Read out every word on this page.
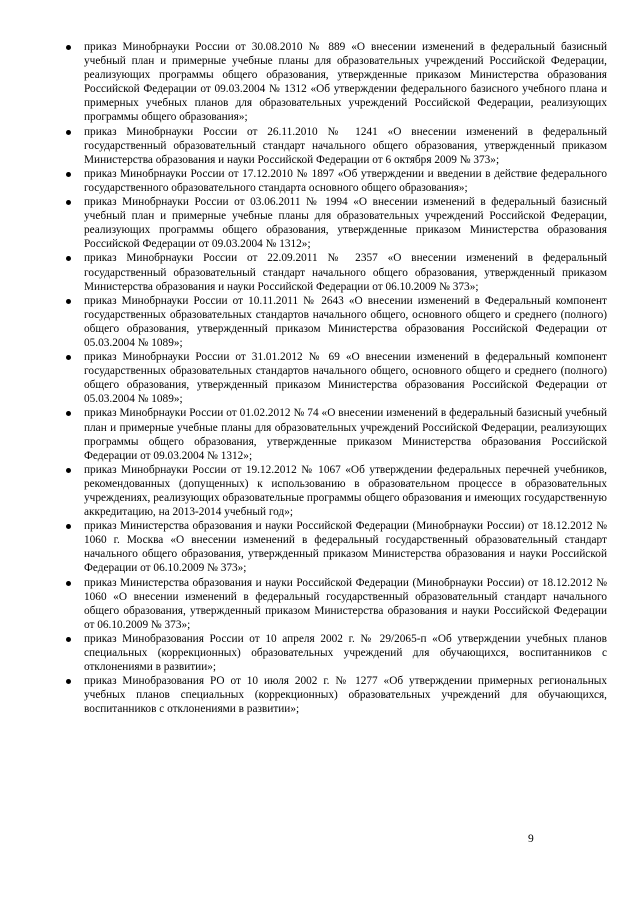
приказ Минобрнауки России от 30.08.2010 № 889 «О внесении изменений в федеральный базисный учебный план и примерные учебные планы для образовательных учреждений Российской Федерации, реализующих программы общего образования, утвержденные приказом Министерства образования Российской Федерации от 09.03.2004 № 1312 «Об утверждении федерального базисного учебного плана и примерных учебных планов для образовательных учреждений Российской Федерации, реализующих программы общего образования»;
приказ Минобрнауки России от 26.11.2010 № 1241 «О внесении изменений в федеральный государственный образовательный стандарт начального общего образования, утвержденный приказом Министерства образования и науки Российской Федерации от 6 октября 2009 № 373»;
приказ Минобрнауки России от 17.12.2010 № 1897 «Об утверждении и введении в действие федерального государственного образовательного стандарта основного общего образования»;
приказ Минобрнауки России от 03.06.2011 № 1994 «О внесении изменений в федеральный базисный учебный план и примерные учебные планы для образовательных учреждений Российской Федерации, реализующих программы общего образования, утвержденные приказом Министерства образования Российской Федерации от 09.03.2004 № 1312»;
приказ Минобрнауки России от 22.09.2011 № 2357 «О внесении изменений в федеральный государственный образовательный стандарт начального общего образования, утвержденный приказом Министерства образования и науки Российской Федерации от 06.10.2009 № 373»;
приказ Минобрнауки России от 10.11.2011 № 2643 «О внесении изменений в Федеральный компонент государственных образовательных стандартов начального общего, основного общего и среднего (полного) общего образования, утвержденный приказом Министерства образования Российской Федерации от 05.03.2004 № 1089»;
приказ Минобрнауки России от 31.01.2012 № 69 «О внесении изменений в федеральный компонент государственных образовательных стандартов начального общего, основного общего и среднего (полного) общего образования, утвержденный приказом Министерства образования Российской Федерации от 05.03.2004 № 1089»;
приказ Минобрнауки России от 01.02.2012 № 74 «О внесении изменений в федеральный базисный учебный план и примерные учебные планы для образовательных учреждений Российской Федерации, реализующих программы общего образования, утвержденные приказом Министерства образования Российской Федерации от 09.03.2004 № 1312»;
приказ Минобрнауки России от 19.12.2012 № 1067 «Об утверждении федеральных перечней учебников, рекомендованных (допущенных) к использованию в образовательном процессе в образовательных учреждениях, реализующих образовательные программы общего образования и имеющих государственную аккредитацию, на 2013-2014 учебный год»;
приказ Министерства образования и науки Российской Федерации (Минобрнауки России) от 18.12.2012 № 1060 г. Москва «О внесении изменений в федеральный государственный образовательный стандарт начального общего образования, утвержденный приказом Министерства образования и науки Российской Федерации от 06.10.2009 № 373»;
приказ Министерства образования и науки Российской Федерации (Минобрнауки России) от 18.12.2012 № 1060 «О внесении изменений в федеральный государственный образовательный стандарт начального общего образования, утвержденный приказом Министерства образования и науки Российской Федерации от 06.10.2009 № 373»;
приказ Минобразования России от 10 апреля 2002 г. № 29/2065-п «Об утверждении учебных планов специальных (коррекционных) образовательных учреждений для обучающихся, воспитанников с отклонениями в развитии»;
приказ Минобразования РО от 10 июля 2002 г. № 1277 «Об утверждении примерных региональных учебных планов специальных (коррекционных) образовательных учреждений для обучающихся, воспитанников с отклонениями в развитии»;
9
